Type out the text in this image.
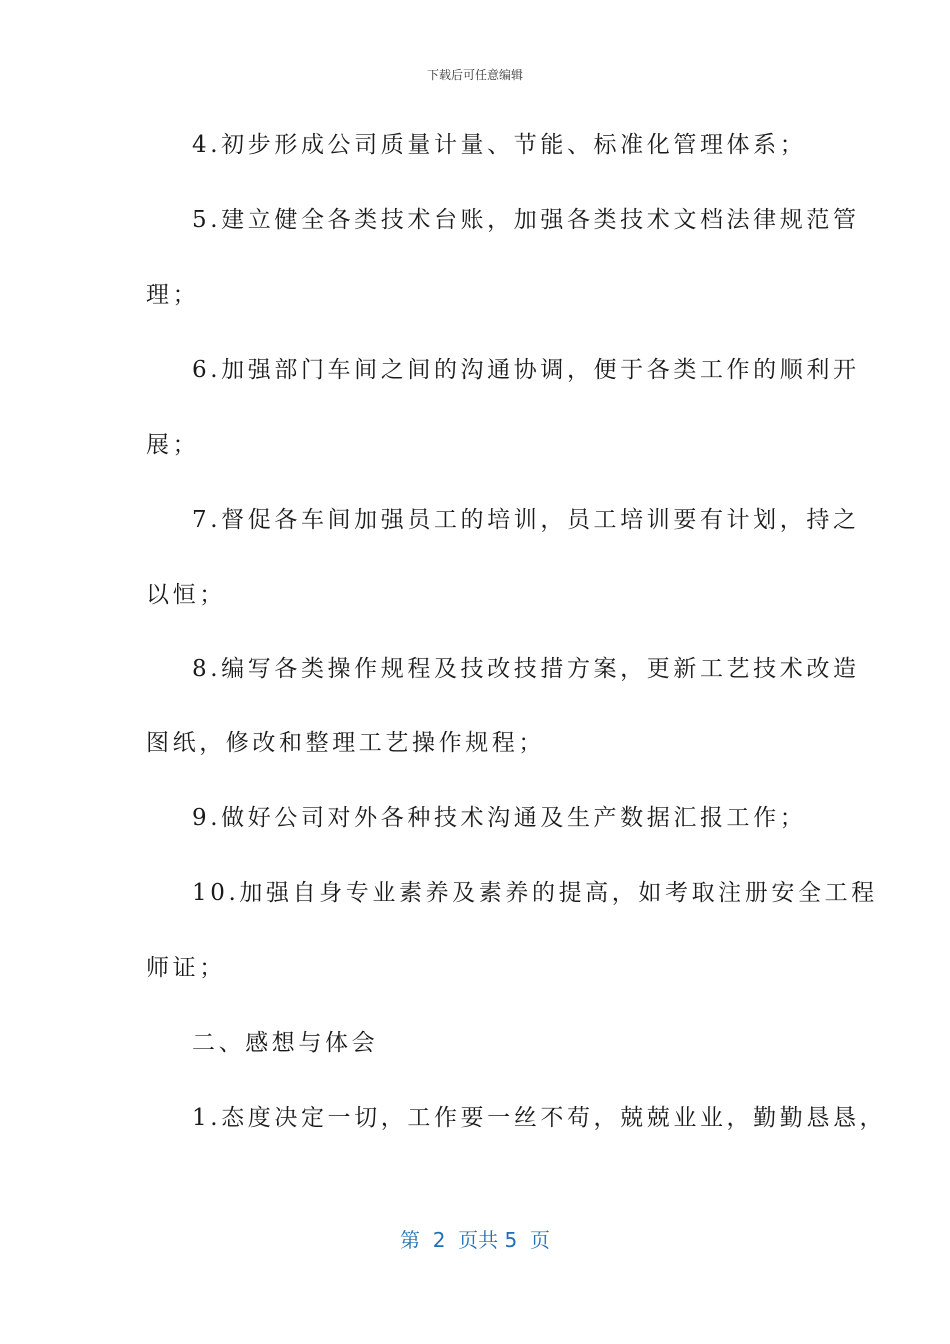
下载后可任意编辑
4.初步形成公司质量计量、节能、标准化管理体系；
5.建立健全各类技术台账，加强各类技术文档法律规范管
理；
6.加强部门车间之间的沟通协调，便于各类工作的顺利开
展；
7.督促各车间加强员工的培训，员工培训要有计划，持之
以恒；
8.编写各类操作规程及技改技措方案，更新工艺技术改造
图纸，修改和整理工艺操作规程；
9.做好公司对外各种技术沟通及生产数据汇报工作；
10.加强自身专业素养及素养的提高，如考取注册安全工程
师证；
二、感想与体会
1.态度决定一切，工作要一丝不苟，兢兢业业，勤勤恳恳，
第  2  页共 5  页
